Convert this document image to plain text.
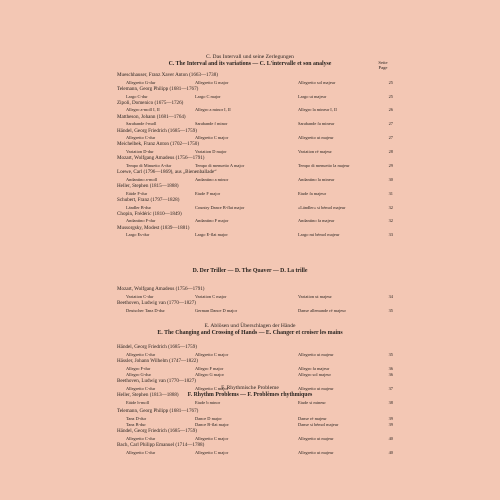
Seite
Page
C. Das Intervall und seine Zerlegungen
C. The Interval and its variations — C. L'intervalle et son analyse
Mueschhauser, Franz Xaver Anton (1663—1738)
Allegretto G-dur	Allegretto G major	Allegretto sol majeur	25
Telemann, Georg Philipp (1681—1767)
Largo C-dur	Largo C major	Largo ut majeur	25
Zipoli, Domenico (1675—1726)
Allegro a-moll I, II	Allegro a minor I, II	Allegro la mineur I, II	26
Mattheson, Johann (1681—1764)
Sarabande f-moll	Sarabande f minor	Sarabande fa mineur	27
Händel, Georg Friedrich (1685—1759)
Allegretto C-dur	Allegretto C major	Allegretto ut majeur	27
Meichelbek, Franz Anton (1702—1750)
Variation D-dur	Variation D major	Variation ré majeur	28
Mozart, Wolfgang Amadeus (1756—1791)
Tempo di Minuetto A-dur	Tempo di menuetto A major	Tempo di menuetto la majeur	29
Loewe, Carl (1796—1869), aus „Bienenballade“
Andantino a-moll	Andantino a minor	Andantino la mineur	30
Heller, Stephen (1815—1888)
Etüde F-dur	Etude F major	Etude fa majeur	31
Schubert, Franz (1797—1828)
Ländler B-dur	Country Dance B-flat major	«Ländler» si bémol majeur	32
Chopin, Frédéric (1810—1849)
Andantino F-dur	Andantino F major	Andantino fa majeur	32
Mussorgsky, Modest (1839—1881)
Largo Es-dur	Largo E-flat major	Largo mi bémol majeur	33
D. Der Triller — D. The Quaver — D. La trille
Mozart, Wolfgang Amadeus (1756—1791)
Variation C-dur	Variation C major	Variation ut majeur	34
Beethoven, Ludwig van (1770—1827)
Deutscher Tanz D-dur	German Dance D major	Danse allemande ré majeur	35
E. Ablösen und Überschlagen der Hände
E. The Changing and Crossing of Hands — E. Changer et croiser les mains
Händel, Georg Friedrich (1685—1759)
Allegretto C-dur	Allegretto C major	Allegretto ut majeur	35
Hässler, Johann Wilhelm (1747—1822)
Allegro F-dur	Allegro F major	Allegro fa majeur	36
Allegro G-dur	Allegro G major	Allegro sol majeur	36
Beethoven, Ludwig van (1770—1827)
Allegretto C-dur	Allegretto C major	Allegretto ut majeur	37
Heller, Stephen (1813—1888)
Etüde h-moll	Etude b minor	Etude si mineur	38
F. Rhythmische Probleme
F. Rhythm Problems — F. Problèmes rhythmiques
Telemann, Georg Philipp (1681—1767)
Tanz D-dur	Dance D major	Danse ré majeur	39
Tanz B-dur	Dance B-flat major	Danse si bémol majeur	39
Händel, Georg Friedrich (1685—1759)
Allegretto C-dur	Allegretto C major	Allegretto ut majeur	40
Bach, Carl Philipp Emanuel (1714—1788)
Allegretto C-dur	Allegretto C major	Allegretto ut majeur	40
